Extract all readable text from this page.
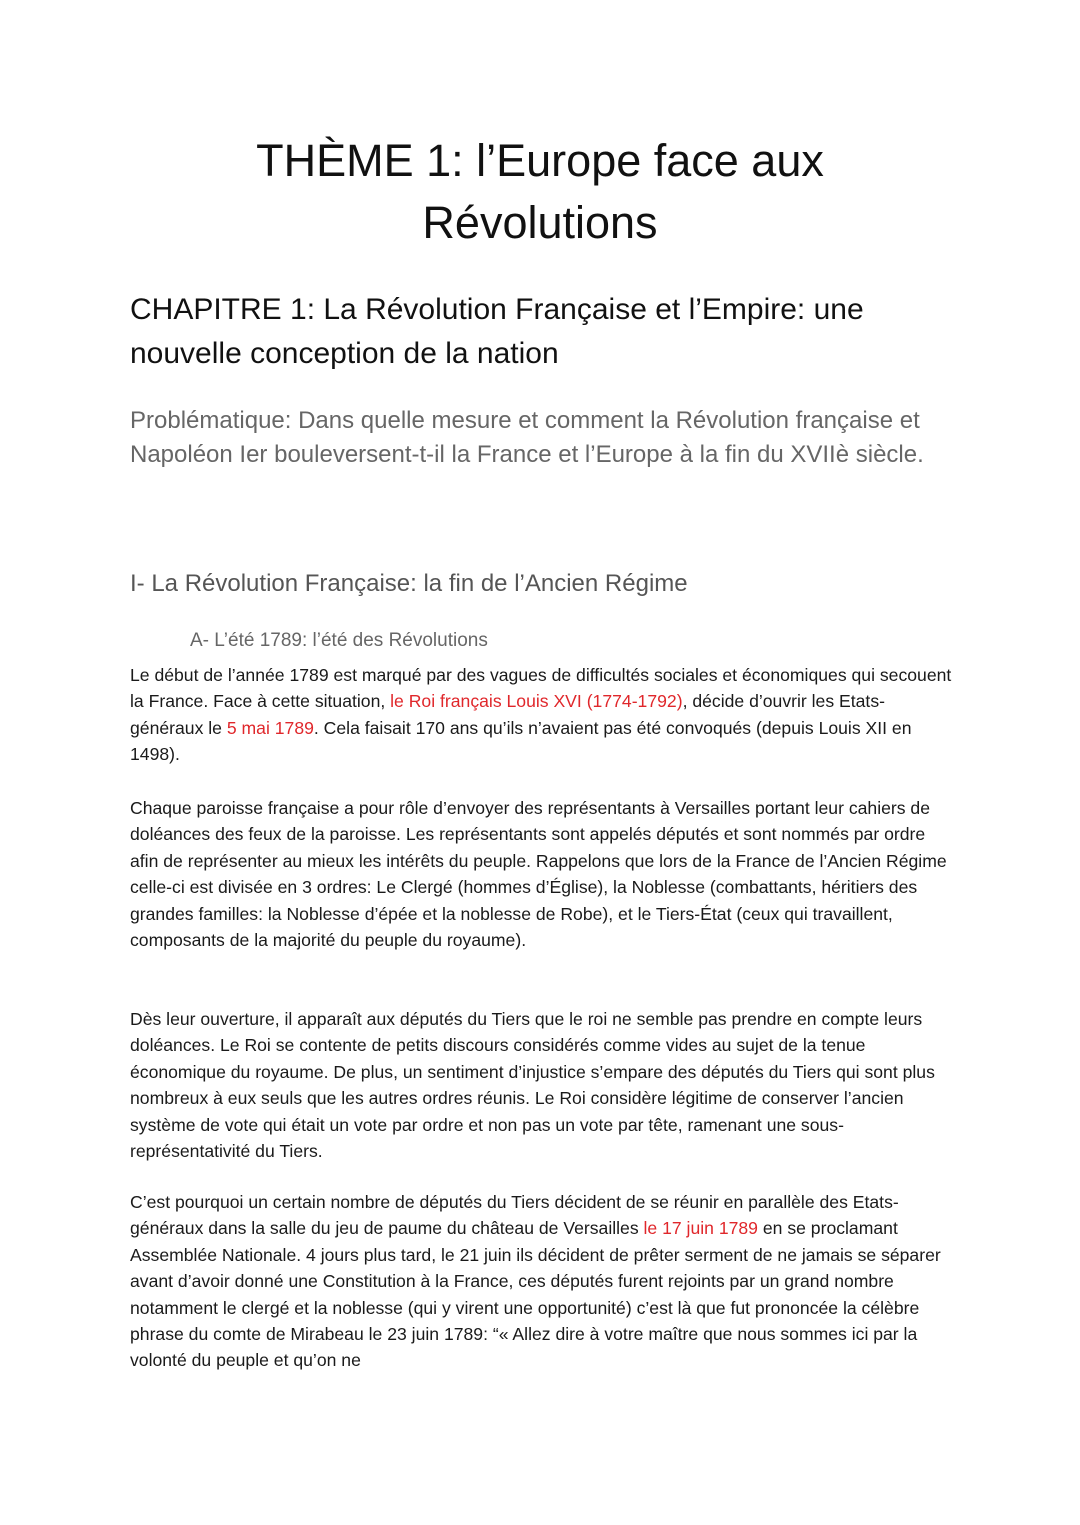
THÈME 1: l’Europe face aux
Révolutions
CHAPITRE 1: La Révolution Française et l’Empire: une
nouvelle conception de la nation

Problématique: Dans quelle mesure et comment la Révolution française et Napoléon Ier bouleversent-t-il la France et l’Europe à la fin du XVIIè siècle.

I- La Révolution Française: la fin de l’Ancien Régime
A- L’été 1789: l’été des Révolutions

Le début de l’année 1789 est marqué par des vagues de difficultés sociales et économiques qui secouent la France. Face à cette situation, le Roi français Louis XVI (1774-1792), décide d’ouvrir les Etats-généraux le 5 mai 1789. Cela faisait 170 ans qu’ils n’avaient pas été convoqués (depuis Louis XII en 1498).

Chaque paroisse française a pour rôle d’envoyer des représentants à Versailles portant leur cahiers de doléances des feux de la paroisse. Les représentants sont appelés députés et sont nommés par ordre afin de représenter au mieux les intérêts du peuple. Rappelons que lors de la France de l’Ancien Régime celle-ci est divisée en 3 ordres: Le Clergé (hommes d’Église), la Noblesse (combattants, héritiers des grandes familles: la Noblesse d’épée et la noblesse de Robe), et le Tiers-État (ceux qui travaillent, composants de la majorité du peuple du royaume).

Dès leur ouverture, il apparaît aux députés du Tiers que le roi ne semble pas prendre en compte leurs doléances. Le Roi se contente de petits discours considérés comme vides au sujet de la tenue économique du royaume. De plus, un sentiment d’injustice s’empare des députés du Tiers qui sont plus nombreux à eux seuls que les autres ordres réunis. Le Roi considère légitime de conserver l’ancien système de vote qui était un vote par ordre et non pas un vote par tête, ramenant une sous-représentativité du Tiers.

C’est pourquoi un certain nombre de députés du Tiers décident de se réunir en parallèle des Etats-généraux dans la salle du jeu de paume du château de Versailles le 17 juin 1789 en se proclamant Assemblée Nationale. 4 jours plus tard, le 21 juin ils décident de prêter serment de ne jamais se séparer avant d’avoir donné une Constitution à la France, ces députés furent rejoints par un grand nombre notamment le clergé et la noblesse (qui y virent une opportunité) c’est là que fut prononcée la célèbre phrase du comte de Mirabeau le 23 juin 1789: “« Allez dire à votre maître que nous sommes ici par la volonté du peuple et qu’on ne
